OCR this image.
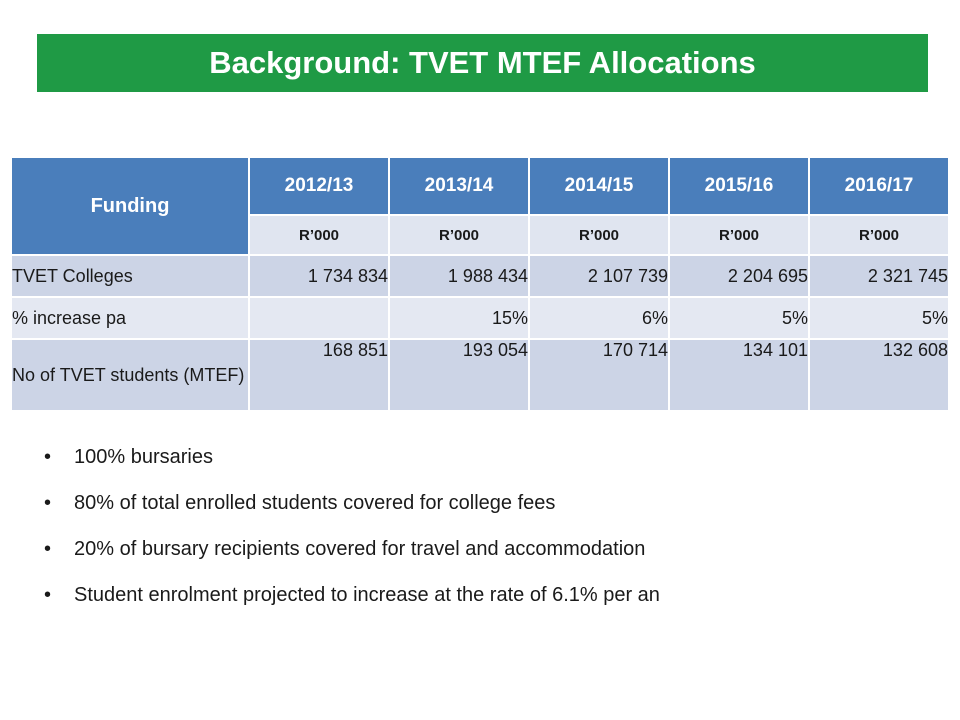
Background: TVET MTEF Allocations
Funding	2012/13	2013/14	2014/15	2015/16	2016/17
	R’000	R’000	R’000	R’000	R’000
TVET Colleges	1 734 834	1 988 434	2 107 739	2 204 695	2 321 745
% increase pa		15%	6%	5%	5%
No of TVET students (MTEF)	168 851	193 054	170 714	134 101	132 608
• 100% bursaries
• 80% of total enrolled students covered for college fees
• 20% of bursary recipients covered for travel and accommodation
• Student enrolment projected to increase at the rate of 6.1% per an
